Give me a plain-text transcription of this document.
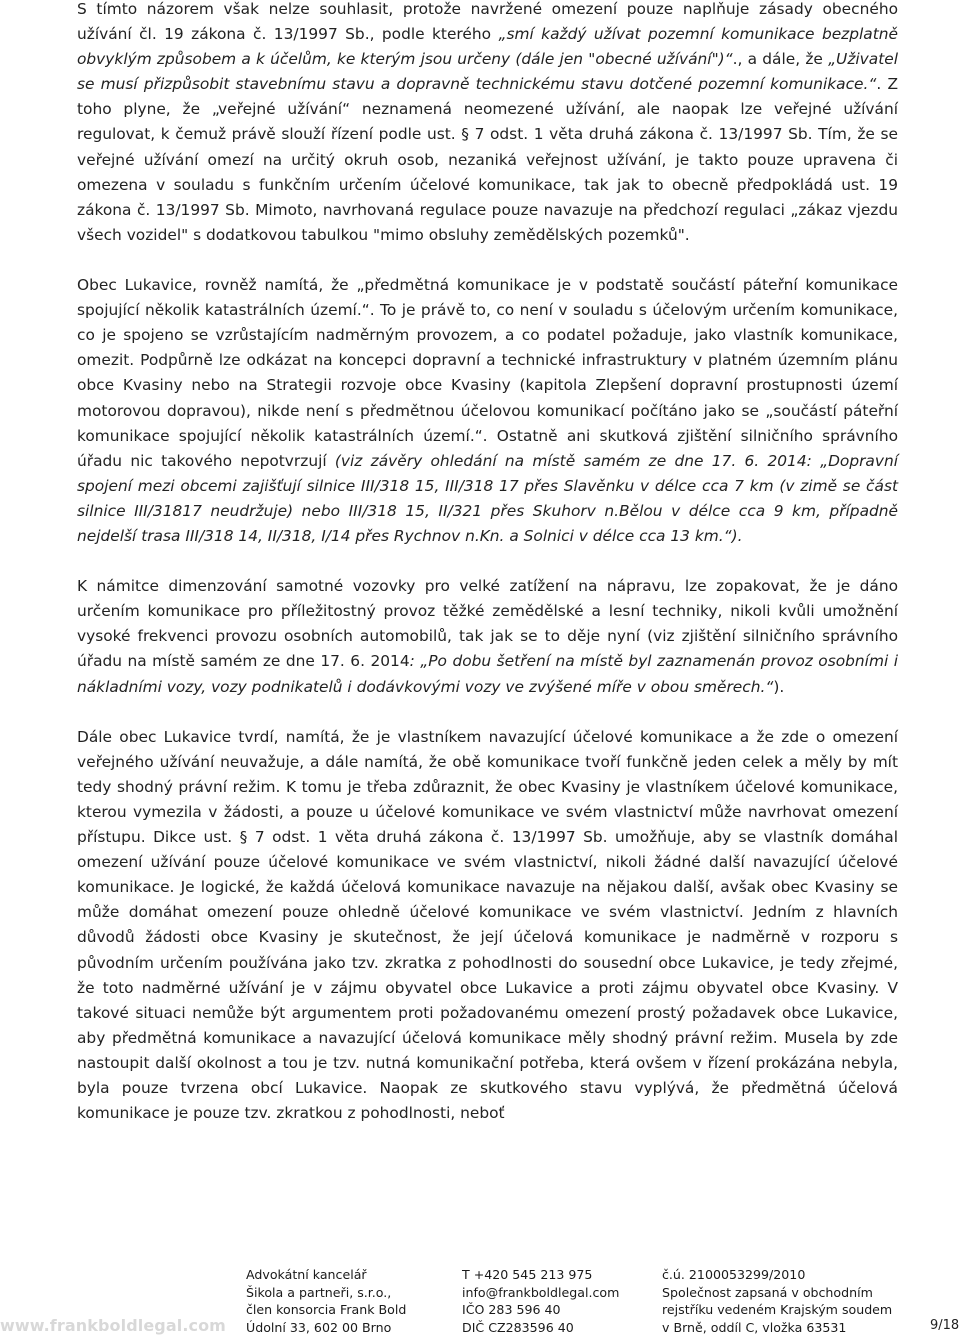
S tímto názorem však nelze souhlasit, protože navržené omezení pouze naplňuje zásady obecného užívání čl. 19 zákona č. 13/1997 Sb., podle kterého „smí každý užívat pozemní komunikace bezplatně obvyklým způsobem a k účelům, ke kterým jsou určeny (dále jen "obecné užívání")“., a dále, že „Uživatel se musí přizpůsobit stavebnímu stavu a dopravně technickému stavu dotčené pozemní komunikace.“. Z toho plyne, že „veřejné užívání“ neznamená neomezené užívání, ale naopak lze veřejné užívání regulovat, k čemuž právě slouží řízení podle ust. § 7 odst. 1 věta druhá zákona č. 13/1997 Sb. Tím, že se veřejné užívání omezí na určitý okruh osob, nezaniká veřejnost užívání, je takto pouze upravena či omezena v souladu s funkčním určením účelové komunikace, tak jak to obecně předpokládá ust. 19 zákona č. 13/1997 Sb. Mimoto, navrhovaná regulace pouze navazuje na předchozí regulaci „zákaz vjezdu všech vozidel" s dodatkovou tabulkou "mimo obsluhy zemědělských pozemků".

Obec Lukavice, rovněž namítá, že „předmětná komunikace je v podstatě součástí páteřní komunikace spojující několik katastrálních území.“. To je právě to, co není v souladu s účelovým určením komunikace, co je spojeno se vzrůstajícím nadměrným provozem, a co podatel požaduje, jako vlastník komunikace, omezit. Podpůrně lze odkázat na koncepci dopravní a technické infrastruktury v platném územním plánu obce Kvasiny nebo na Strategii rozvoje obce Kvasiny (kapitola Zlepšení dopravní prostupnosti území motorovou dopravou), nikde není s předmětnou účelovou komunikací počítáno jako se „součástí páteřní komunikace spojující několik katastrálních území.“. Ostatně ani skutková zjištění silničního správního úřadu nic takového nepotvrzují (viz závěry ohledání na místě samém ze dne 17. 6. 2014: „Dopravní spojení mezi obcemi zajišťují silnice III/318 15, III/318 17 přes Slavěnku v délce cca 7 km (v zimě se část silnice III/31817 neudržuje) nebo III/318 15, II/321 přes Skuhorv n.Bělou v délce cca 9 km, případně nejdelší trasa III/318 14, II/318, I/14 přes Rychnov n.Kn. a Solnici v délce cca 13 km.“).

K námitce dimenzování samotné vozovky pro velké zatížení na nápravu, lze zopakovat, že je dáno určením komunikace pro příležitostný provoz těžké zemědělské a lesní techniky, nikoli kvůli umožnění vysoké frekvenci provozu osobních automobilů, tak jak se to děje nyní (viz zjištění silničního správního úřadu na místě samém ze dne 17. 6. 2014: „Po dobu šetření na místě byl zaznamenán provoz osobními i nákladními vozy, vozy podnikatelů i dodávkovými vozy ve zvýšené míře v obou směrech.“).

Dále obec Lukavice tvrdí, namítá, že je vlastníkem navazující účelové komunikace a že zde o omezení veřejného užívání neuvažuje, a dále namítá, že obě komunikace tvoří funkčně jeden celek a měly by mít tedy shodný právní režim. K tomu je třeba zdůraznit, že obec Kvasiny je vlastníkem účelové komunikace, kterou vymezila v žádosti, a pouze u účelové komunikace ve svém vlastnictví může navrhovat omezení přístupu. Dikce ust. § 7 odst. 1 věta druhá zákona č. 13/1997 Sb. umožňuje, aby se vlastník domáhal omezení užívání pouze účelové komunikace ve svém vlastnictví, nikoli žádné další navazující účelové komunikace. Je logické, že každá účelová komunikace navazuje na nějakou další, avšak obec Kvasiny se může domáhat omezení pouze ohledně účelové komunikace ve svém vlastnictví. Jedním z hlavních důvodů žádosti obce Kvasiny je skutečnost, že její účelová komunikace je nadměrně v rozporu s původním určením používána jako tzv. zkratka z pohodlnosti do sousední obce Lukavice, je tedy zřejmé, že toto nadměrné užívání je v zájmu obyvatel obce Lukavice a proti zájmu obyvatel obce Kvasiny. V takové situaci nemůže být argumentem proti požadovanému omezení prostý požadavek obce Lukavice, aby předmětná komunikace a navazující účelová komunikace měly shodný právní režim. Musela by zde nastoupit další okolnost a tou je tzv. nutná komunikační potřeba, která ovšem v řízení prokázána nebyla, byla pouze tvrzena obcí Lukavice. Naopak ze skutkového stavu vyplývá, že předmětná účelová komunikace je pouze tzv. zkratkou z pohodlnosti, neboť

Advokátní kancelář
Šikola a partneři, s.r.o.,
člen konsorcia Frank Bold
Údolní 33, 602 00 Brno
T +420 545 213 975
info@frankboldlegal.com
IČO 283 596 40
DIČ CZ283596 40
č.ú. 2100053299/2010
Společnost zapsaná v obchodním
rejstříku vedeném Krajským soudem
v Brně, oddíl C, vložka 63531
www.frankboldlegal.com	9/18
